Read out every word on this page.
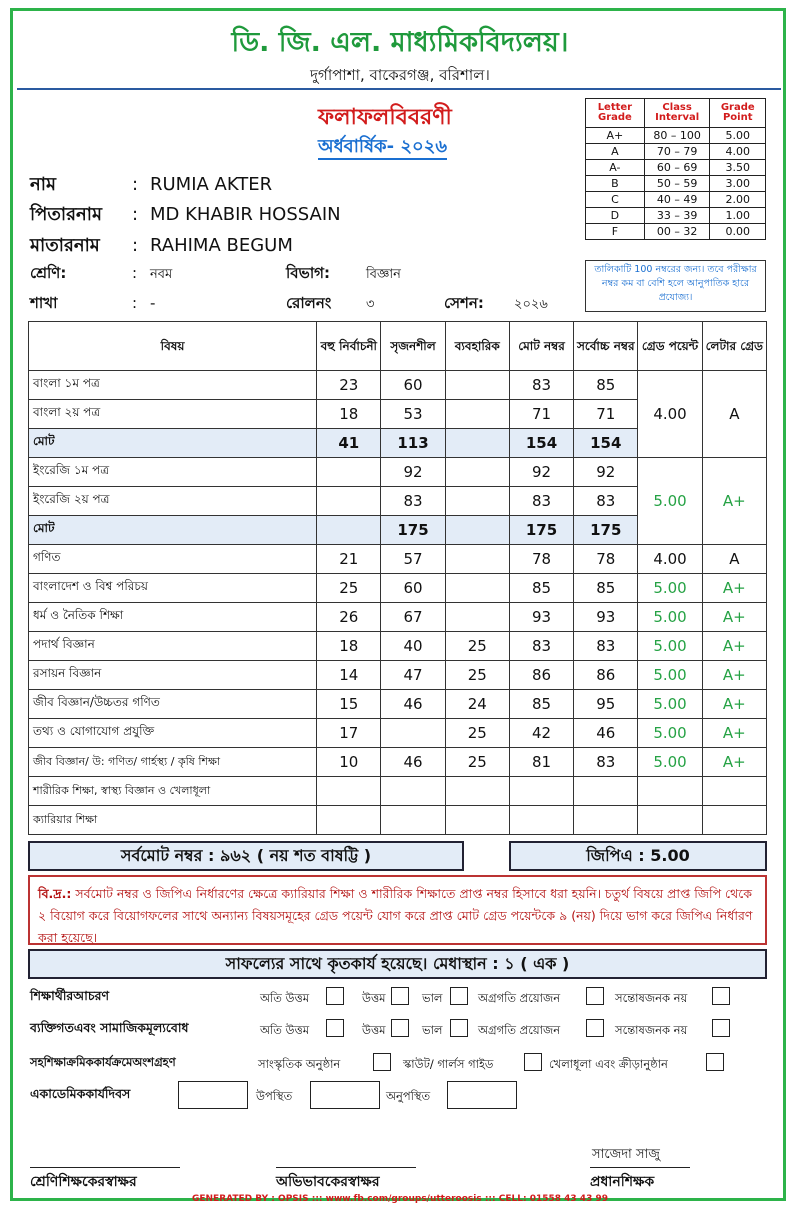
ডি. জি. এল. মাধ্যমিকবিদ্যলয়।
দুর্গাপাশা, বাকেরগঞ্জ, বরিশাল।
ফলাফলবিবরণী
অর্ধবার্ষিক- ২০২৬
নাম	: RUMIA AKTER
পিতারনাম : MD KHABIR HOSSAIN
মাতারনাম : RAHIMA BEGUM
শ্রেণি:	: নবম	বিভাগ:	বিজ্ঞান
শাখা	: -	রোলনং	৩	সেশন: ২০২৬
Letter Grade	Class Interval	Grade Point
A+	80 – 100	5.00
A	70 – 79	4.00
A-	60 – 69	3.50
B	50 – 59	3.00
C	40 – 49	2.00
D	33 – 39	1.00
F	00 – 32	0.00
তালিকাটি 100 নম্বরের জন্য। তবে পরীক্ষার নম্বর কম বা বেশি হলে আনুপাতিক হারে প্রযোজ্য।
বিষয়	বহু নির্বাচনী	সৃজনশীল	ব্যবহারিক	মোট নম্বর	সর্বোচ্চ নম্বর	গ্রেড পয়েন্ট	লেটার গ্রেড
বাংলা ১ম পত্র	23	60		83	85	4.00	A
বাংলা ২য় পত্র	18	53		71	71		
মোট	41	113		154	154		
ইংরেজি ১ম পত্র		92		92	92	5.00	A+
ইংরেজি ২য় পত্র		83		83	83		
মোট		175		175	175		
গণিত	21	57		78	78	4.00	A
বাংলাদেশ ও বিশ্ব পরিচয়	25	60		85	85	5.00	A+
ধর্ম ও নৈতিক শিক্ষা	26	67		93	93	5.00	A+
পদার্থ বিজ্ঞান	18	40	25	83	83	5.00	A+
রসায়ন বিজ্ঞান	14	47	25	86	86	5.00	A+
জীব বিজ্ঞান/উচ্চতর গণিত	15	46	24	85	95	5.00	A+
তথ্য ও যোগাযোগ প্রযুক্তি	17		25	42	46	5.00	A+
জীব বিজ্ঞান/ উ: গণিত/ গার্হস্থ্য / কৃষি শিক্ষা	10	46	25	81	83	5.00	A+
শারীরিক শিক্ষা, স্বাস্থ্য বিজ্ঞান ও খেলাধূলা							
ক্যারিয়ার শিক্ষা							
সর্বমোট নম্বর : ৯৬২ ( নয় শত বাষট্টি )	জিপিএ : 5.00
বি.দ্র.: সর্বমোট নম্বর ও জিপিএ নির্ধারণের ক্ষেত্রে ক্যারিয়ার শিক্ষা ও শারীরিক শিক্ষাতে প্রাপ্ত নম্বর হিসাবে ধরা হয়নি। চতুর্থ বিষয়ে প্রাপ্ত জিপি থেকে ২ বিয়োগ করে বিয়োগফলের সাথে অন্যান্য বিষয়সমূহের গ্রেড পয়েন্ট যোগ করে প্রাপ্ত মোট গ্রেড পয়েন্টকে ৯ (নয়) দিয়ে ভাগ করে জিপিএ নির্ধারণ করা হয়েছে।
সাফল্যের সাথে কৃতকার্য হয়েছে। মেধাস্থান : ১ ( এক )
শিক্ষার্থীরআচরণ	অতি উত্তম	উত্তম	ভাল	অগ্রগতি প্রয়োজন	সন্তোষজনক নয়
ব্যক্তিগতএবং সামাজিকমূল্যবোধ	অতি উত্তম	উত্তম	ভাল	অগ্রগতি প্রয়োজন	সন্তোষজনক নয়
সহশিক্ষাক্রমিককার্যক্রমেঅংশগ্রহণ	সাংস্কৃতিক অনুষ্ঠান	স্কাউট/ গার্লস গাইড	খেলাধূলা এবং ক্রীড়ানুষ্ঠান
একাডেমিককার্যদিবস	উপস্থিত	অনুপস্থিত
সাজেদা সাজু
শ্রেণিশিক্ষকেরস্বাক্ষর	অভিভাবকেরস্বাক্ষর	প্রধানশিক্ষক
GENERATED BY : OPSIS ::: www.fb.com/groups/utteroosis ::: CELL: 01558 43 43 99
